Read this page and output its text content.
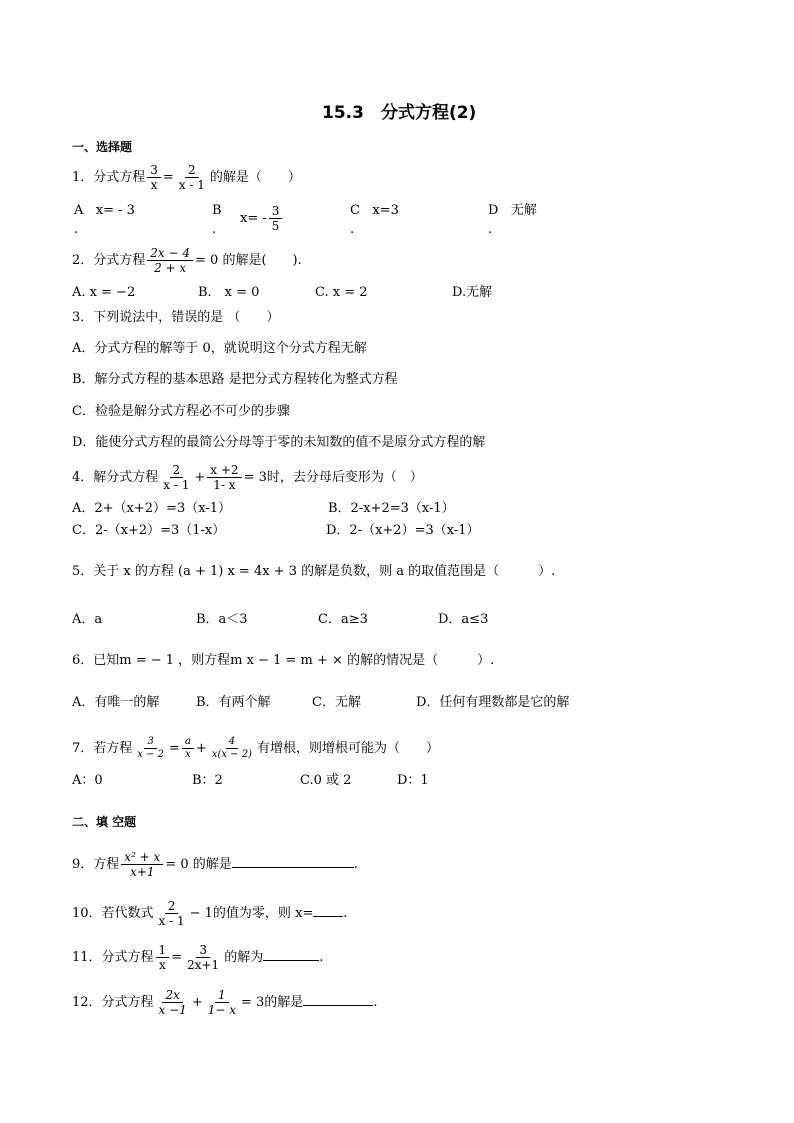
15.3　分式方程(2)
一、选择题
1．分式方程 $\frac{3}{x} = \frac{2}{x - 1}$ 的解是（　　）
A x= - 3
.
B
$x= - \frac{3}{5}$
.
C x=3
.
D 无解
.
2．分式方程 $\frac{2x - 4}{2 + x} = 0$ 的解是(　　).
A. x = −2	B.　x = 0	C. x = 2	D.无解
3．下列说法中，错误的是 （　　）
A．分式方程的解等于 0，就说明这个分式方程无解
B．解分式方程的基本思路 是把分式方程转化为整式方程
C．检验是解分式方程必不可少的步骤
D．能使分式方程的最简公分母等于零的未知数的值不是原分式方程的解
4．解分式方程 $\frac{2}{x - 1} + \frac{x +2}{1- x} = 3$时，去分母后变形为（　）
A．2+（x+2）=3（x-1）	B．2-x+2=3（x-1）
C．2-（x+2）=3（1-x）	D．2-（x+2）=3（x-1）
5．关于 x 的方程 (a + 1) x = 4x + 3 的解是负数，则 a 的取值范围是（　　　）.
A．a	B．a＜3	C．a≥3	D．a≤3
6．已知m = − 1 ，则方程m x − 1 = m + × 的解的情况是（　　　）.
A．有唯一的解	B．有两个解	C．无解	D．任何有理数都是它的解
7．若方程 $\frac{3}{x - 2} = \frac{a}{x} + \frac{4}{x(x - 2)}$ 有增根，则增根可能为（　　）
A：0	B：2	C.0 或 2	D：1
二、填 空题
9．方程 $\frac{\text{x² + x}}{x+1} = 0$ 的解是	.
10．若代数式 $\frac{2}{x - 1} - 1$的值为零，则 x= .
11．分式方程 $\frac{1}{x} = \frac{3}{2x+1}$ 的解为	.
12．分式方程 $\frac{2x}{x -1} + \frac{1}{1- x} = 3$的解是	.
